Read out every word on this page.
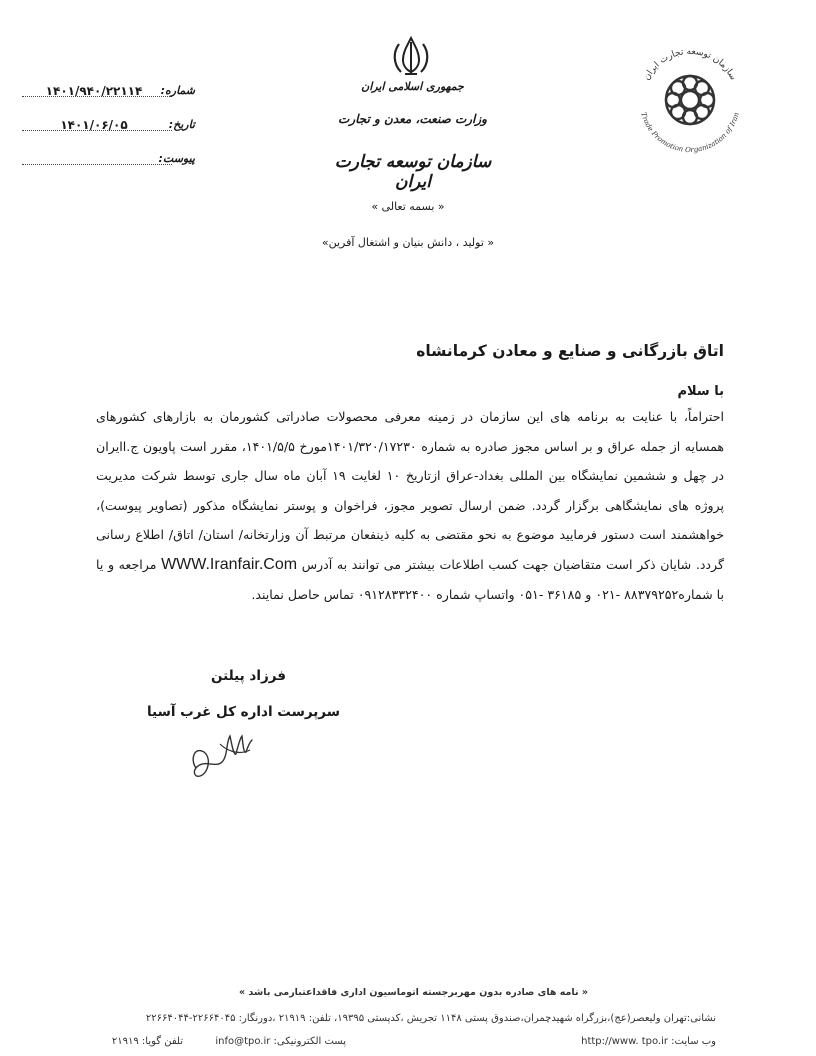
۱۴۰۱/۹۴۰/۲۲۱۱۴	شماره:
۱۴۰۱/۰۶/۰۵	تاریخ:
پیوست:
جمهوری اسلامی ایران
وزارت صنعت، معدن و تجارت
سازمان توسعه تجارت ایران
سازمان توسعه تجارت ایران
Trade Promotion Organization of Iran
« بسمه تعالی »
« تولید ، دانش بنیان و اشتغال آفرین»
اتاق بازرگانی و صنایع و معادن کرمانشاه
با سلام
احتراماً، با عنایت به برنامه های این سازمان در زمینه معرفی محصولات صادراتی کشورمان به بازارهای کشورهای همسایه از جمله عراق و بر اساس مجوز صادره به شماره ۱۴۰۱/۳۲۰/۱۷۲۳۰مورخ ۱۴۰۱/۵/۵، مقرر است پاویون ج.اایران در چهل و ششمین نمایشگاه بین المللی بغداد-عراق ازتاریخ ۱۰ لغایت ۱۹ آبان ماه سال جاری توسط شرکت مدیریت پروژه های نمایشگاهی برگزار گردد. ضمن ارسال تصویر مجوز، فراخوان و پوستر نمایشگاه مذکور (تصاویر پیوست)، خواهشمند است دستور فرمایید موضوع به نحو مقتضی به کلیه ذینفعان مرتبط آن وزارتخانه/ استان/ اتاق/ اطلاع رسانی گردد. شایان ذکر است متقاضیان جهت کسب اطلاعات بیشتر می توانند به آدرس WWW.Iranfair.Com مراجعه و یا با شماره۸۸۳۷۹۲۵۲ -۰۲۱ و ۳۶۱۸۵ -۰۵۱ واتساپ شماره ۰۹۱۲۸۳۳۲۴۰۰ تماس حاصل نمایند.
فرزاد پیلتن
سرپرست اداره کل غرب آسیا
« نامه های صادره بدون مهربرجسته اتوماسیون اداری فاقداعتبارمی باشد »
نشانی:تهران ولیعصر(عج)،بزرگراه شهیدچمران،صندوق پستی ۱۱۴۸ تجریش ،کدپستی ۱۹۳۹۵، تلفن: ۲۱۹۱۹ ،دورنگار: ۲۲۶۶۴۰۴۵-۲۲۶۶۴۰۴۴
وب سایت: http://www. tpo.ir
پست الکترونیکی: info@tpo.ir
تلفن گویا: ۲۱۹۱۹
